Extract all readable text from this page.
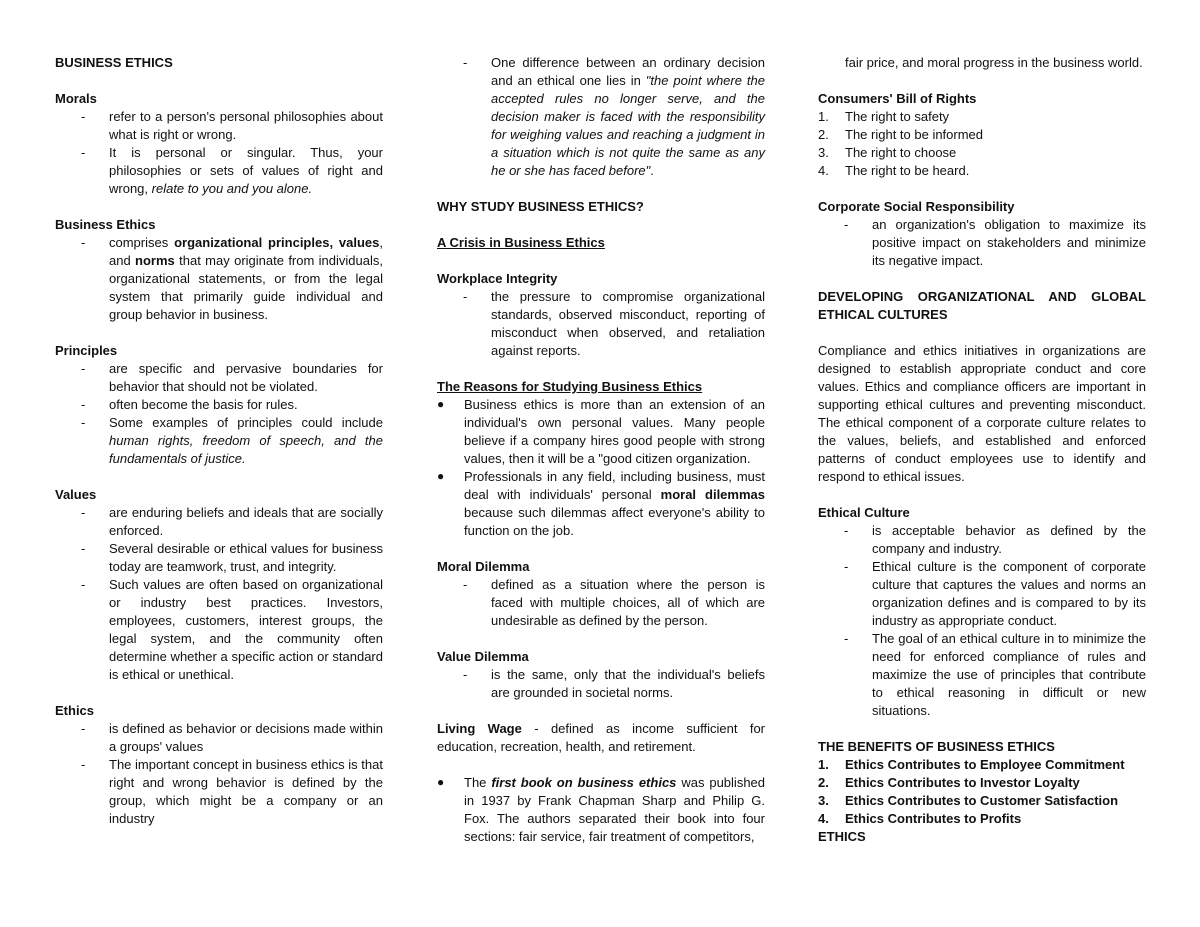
BUSINESS ETHICS
Morals
- refer to a person's personal philosophies about what is right or wrong.
- It is personal or singular. Thus, your philosophies or sets of values of right and wrong, relate to you and you alone.
Business Ethics
- comprises organizational principles, values, and norms that may originate from individuals, organizational statements, or from the legal system that primarily guide individual and group behavior in business.
Principles
- are specific and pervasive boundaries for behavior that should not be violated.
- often become the basis for rules.
- Some examples of principles could include human rights, freedom of speech, and the fundamentals of justice.
Values
- are enduring beliefs and ideals that are socially enforced.
- Several desirable or ethical values for business today are teamwork, trust, and integrity.
- Such values are often based on organizational or industry best practices. Investors, employees, customers, interest groups, the legal system, and the community often determine whether a specific action or standard is ethical or unethical.
Ethics
- is defined as behavior or decisions made within a groups' values
- The important concept in business ethics is that right and wrong behavior is defined by the group, which might be a company or an industry
- One difference between an ordinary decision and an ethical one lies in "the point where the accepted rules no longer serve, and the decision maker is faced with the responsibility for weighing values and reaching a judgment in a situation which is not quite the same as any he or she has faced before".
WHY STUDY BUSINESS ETHICS?
A Crisis in Business Ethics
Workplace Integrity
- the pressure to compromise organizational standards, observed misconduct, reporting of misconduct when observed, and retaliation against reports.
The Reasons for Studying Business Ethics
● Business ethics is more than an extension of an individual's own personal values. Many people believe if a company hires good people with strong values, then it will be a "good citizen organization.
● Professionals in any field, including business, must deal with individuals' personal moral dilemmas because such dilemmas affect everyone's ability to function on the job.
Moral Dilemma
- defined as a situation where the person is faced with multiple choices, all of which are undesirable as defined by the person.
Value Dilemma
- is the same, only that the individual's beliefs are grounded in societal norms.
Living Wage - defined as income sufficient for education, recreation, health, and retirement.
● The first book on business ethics was published in 1937 by Frank Chapman Sharp and Philip G. Fox. The authors separated their book into four sections: fair service, fair treatment of competitors,
fair price, and moral progress in the business world.
Consumers' Bill of Rights
1. The right to safety
2. The right to be informed
3. The right to choose
4. The right to be heard.
Corporate Social Responsibility
- an organization's obligation to maximize its positive impact on stakeholders and minimize its negative impact.
DEVELOPING ORGANIZATIONAL AND GLOBAL ETHICAL CULTURES
Compliance and ethics initiatives in organizations are designed to establish appropriate conduct and core values. Ethics and compliance officers are important in supporting ethical cultures and preventing misconduct. The ethical component of a corporate culture relates to the values, beliefs, and established and enforced patterns of conduct employees use to identify and respond to ethical issues.
Ethical Culture
- is acceptable behavior as defined by the company and industry.
- Ethical culture is the component of corporate culture that captures the values and norms an organization defines and is compared to by its industry as appropriate conduct.
- The goal of an ethical culture in to minimize the need for enforced compliance of rules and maximize the use of principles that contribute to ethical reasoning in difficult or new situations.
THE BENEFITS OF BUSINESS ETHICS
1. Ethics Contributes to Employee Commitment
2. Ethics Contributes to Investor Loyalty
3. Ethics Contributes to Customer Satisfaction
4. Ethics Contributes to Profits
ETHICS
